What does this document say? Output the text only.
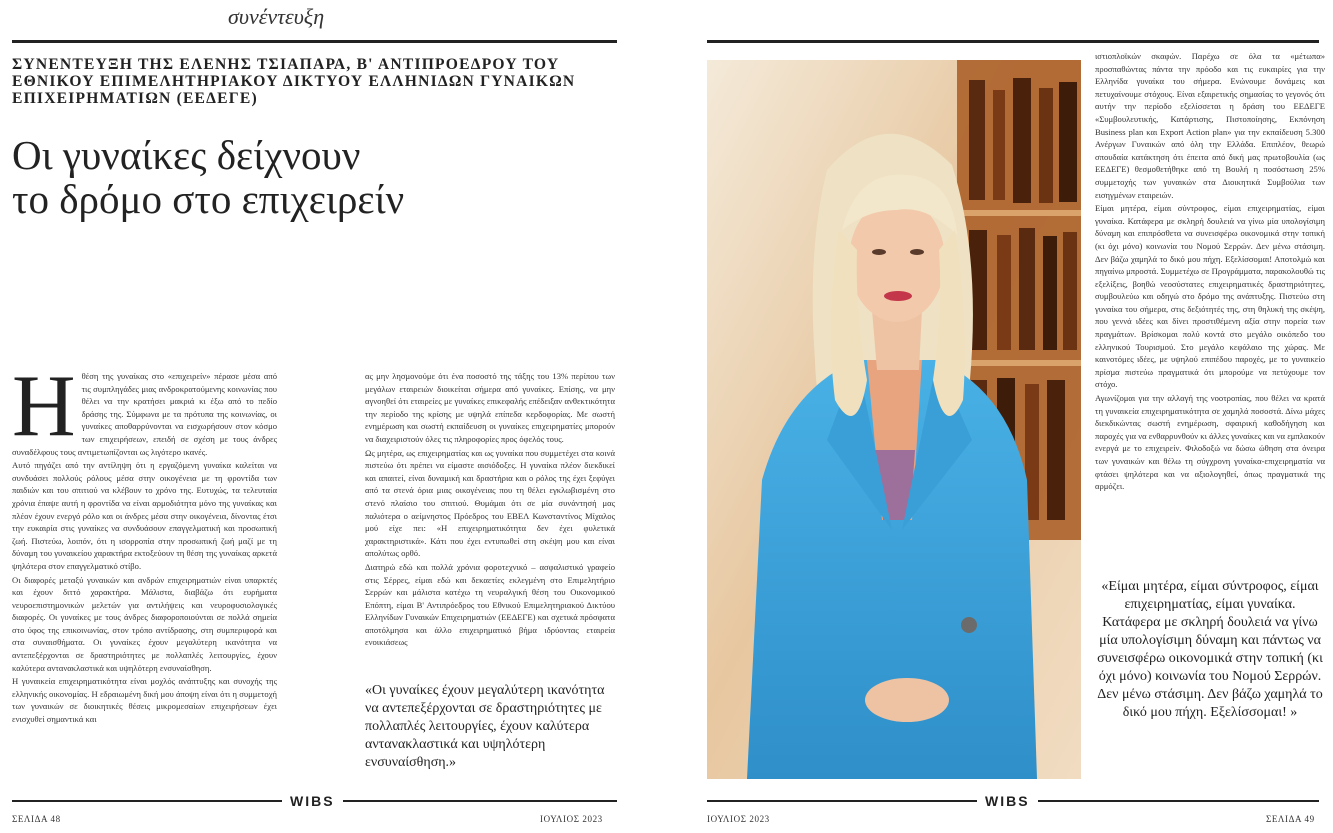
συνέντευξη
ΣΥΝΕΝΤΕΥΞΗ ΤΗΣ ΕΛΕΝΗΣ ΤΣΙΑΠΑΡΑ, Β' ΑΝΤΙΠΡΟΕΔΡΟΥ ΤΟΥ ΕΘΝΙΚΟΥ ΕΠΙΜΕΛΗΤΗΡΙΑΚΟΥ ΔΙΚΤΥΟΥ ΕΛΛΗΝΙΔΩΝ ΓΥΝΑΙΚΩΝ ΕΠΙΧΕΙΡΗΜΑΤΙΩΝ (ΕΕΔΕΓΕ)
Οι γυναίκες δείχνουν
το δρόμο στο επιχειρείν

Ηθέση της γυναίκας στο «επιχειρείν» πέρασε μέσα από τις συμπληγάδες μιας ανδροκρατούμενης κοινωνίας που θέλει να την κρατήσει μακριά κι έξω από το πεδίο δράσης της. Σύμφωνα με τα πρότυπα της κοινωνίας, οι γυναίκες αποθαρρύνονται να εισχωρήσουν στον κόσμο των επιχειρήσεων, επειδή σε σχέση με τους άνδρες συναδέλφους τους αντιμετωπίζονται ως λιγότερο ικανές.

Αυτό πηγάζει από την αντίληψη ότι η εργαζόμενη γυναίκα καλείται να συνδυάσει πολλούς ρόλους μέσα στην οικογένεια με τη φροντίδα των παιδιών και του σπιτιού να κλέβουν το χρόνο της. Ευτυχώς, τα τελευταία χρόνια έπαψε αυτή η φροντίδα να είναι αρμοδιότητα μόνο της γυναίκας και πλέον έχουν ενεργό ρόλο και οι άνδρες μέσα στην οικογένεια, δίνοντας έτσι την ευκαιρία στις γυναίκες να συνδυάσουν επαγγελματική και προσωπική ζωή. Πιστεύω, λοιπόν, ότι η ισορροπία στην προσωπική ζωή μαζί με τη δύναμη του γυναικείου χαρακτήρα εκτοξεύουν τη θέση της γυναίκας αρκετά ψηλότερα στον επαγγελματικό στίβο.

Οι διαφορές μεταξύ γυναικών και ανδρών επιχειρηματιών είναι υπαρκτές και έχουν διττό χαρακτήρα. Μάλιστα, διαβάζω ότι ευρήματα νευροεπιστημονικών μελετών για αντιλήψεις και νευροφυσιολογικές διαφορές. Οι γυναίκες με τους άνδρες διαφοροποιούνται σε πολλά σημεία στο ύφος της επικοινωνίας, στον τρόπο αντίδρασης, στη συμπεριφορά και στα συναισθήματα. Οι γυναίκες έχουν μεγαλύτερη ικανότητα να αντεπεξέρχονται σε δραστηριότητες με πολλαπλές λειτουργίες, έχουν καλύτερα αντανακλαστικά και υψηλότερη ενσυναίσθηση.

Η γυναικεία επιχειρηματικότητα είναι μοχλός ανάπτυξης και συνοχής της ελληνικής οικονομίας. Η εδραιωμένη δική μου άποψη είναι ότι η συμμετοχή των γυναικών σε διοικητικές θέσεις μικρομεσαίων επιχειρήσεων έχει ενισχυθεί σημαντικά και

ας μην λησμονούμε ότι ένα ποσοστό της τάξης του 13% περίπου των μεγάλων εταιρειών διοικείται σήμερα από γυναίκες. Επίσης, να μην αγνοηθεί ότι εταιρείες με γυναίκες επικεφαλής επέδειξαν ανθεκτικότητα την περίοδο της κρίσης με υψηλά επίπεδα κερδοφορίας. Με σωστή ενημέρωση και σωστή εκπαίδευση οι γυναίκες επιχειρηματίες μπορούν να διαχειριστούν όλες τις πληροφορίες προς όφελός τους.

Ως μητέρα, ως επιχειρηματίας και ως γυναίκα που συμμετέχει στα κοινά πιστεύω ότι πρέπει να είμαστε αισιόδοξες. Η γυναίκα πλέον διεκδικεί και απαιτεί, είναι δυναμική και δραστήρια και ο ρόλος της έχει ξεφύγει από τα στενά όρια μιας οικογένειας που τη θέλει εγκλωβισμένη στο στενό πλαίσιο του σπιτιού. Θυμάμαι ότι σε μία συνάντησή μας παλιότερα ο αείμνηστος Πρόεδρος του ΕΒΕΛ Κωνσταντίνος Μίχαλος μού είχε πει: «Η επιχειρηματικότητα δεν έχει φυλετικά χαρακτηριστικά». Κάτι που έχει εντυπωθεί στη σκέψη μου και είναι απολύτως ορθό.

Διατηρώ εδώ και πολλά χρόνια φοροτεχνικό – ασφαλιστικό γραφείο στις Σέρρες, είμαι εδώ και δεκαετίες εκλεγμένη στο Επιμελητήριο Σερρών και μάλιστα κατέχω τη νευραλγική θέση του Οικονομικού Επόπτη, είμαι Β' Αντιπρόεδρος του Εθνικού Επιμελητηριακού Δικτύου Ελληνίδων Γυναικών Επιχειρηματιών (ΕΕΔΕΓΕ) και σχετικά πρόσφατα αποτόλμησα και άλλο επιχειρηματικό βήμα ιδρύοντας εταιρεία ενοικιάσεως

«Οι γυναίκες έχουν μεγαλύτερη ικανότητα να αντεπεξέρχονται σε δραστηριότητες με πολλαπλές λειτουργίες, έχουν καλύτερα αντανακλαστικά και υψηλότερη ενσυναίσθηση.»
WIBS
ΣΕΛΙΔΑ 48	ΙΟΥΛΙΟΣ 2023

ιστιοπλοϊκών σκαφών. Παρέχω σε όλα τα «μέτωπα» προσπαθώντας πάντα την πρόοδο και τις ευκαιρίες για την Ελληνίδα γυναίκα του σήμερα. Ενώνουμε δυνάμεις και πετυχαίνουμε στόχους. Είναι εξαιρετικής σημασίας το γεγονός ότι αυτήν την περίοδο εξελίσσεται η δράση του ΕΕΔΕΓΕ «Συμβουλευτικής, Κατάρτισης, Πιστοποίησης, Εκπόνηση Business plan και Export Action plan» για την εκπαίδευση 5.300 Ανέργων Γυναικών από όλη την Ελλάδα. Επιπλέον, θεωρώ σπουδαία κατάκτηση ότι έπειτα από δική μας πρωτοβουλία (ως ΕΕΔΕΓΕ) θεσμοθετήθηκε από τη Βουλή η ποσόστωση 25% συμμετοχής των γυναικών στα Διοικητικά Συμβούλια των εισηγμένων εταιρειών.

Είμαι μητέρα, είμαι σύντροφος, είμαι επιχειρηματίας, είμαι γυναίκα. Κατάφερα με σκληρή δουλειά να γίνω μία υπολογίσιμη δύναμη και επιπρόσθετα να συνεισφέρω οικονομικά στην τοπική (κι όχι μόνο) κοινωνία του Νομού Σερρών. Δεν μένω στάσιμη. Δεν βάζω χαμηλά το δικό μου πήχη. Εξελίσσομαι! Αποτολμώ και πηγαίνω μπροστά. Συμμετέχω σε Προγράμματα, παρακολουθώ τις εξελίξεις, βοηθώ νεοσύστατες επιχειρηματικές δραστηριότητες, συμβουλεύω και οδηγώ στο δρόμο της ανάπτυξης. Πιστεύω στη γυναίκα του σήμερα, στις δεξιότητές της, στη θηλυκή της σκέψη, που γεννά ιδέες και δίνει προστιθέμενη αξία στην πορεία των πραγμάτων. Βρίσκομαι πολύ κοντά στο μεγάλο οικόπεδο του ελληνικού Τουρισμού. Στο μεγάλο κεφάλαιο της χώρας. Με καινοτόμες ιδέες, με υψηλού επιπέδου παροχές, με το γυναικείο πρίσμα πιστεύω πραγματικά ότι μπορούμε να πετύχουμε τον στόχο.

Αγωνίζομαι για την αλλαγή της νοοτροπίας, που θέλει να κρατά τη γυναικεία επιχειρηματικότητα σε χαμηλά ποσοστά. Δίνω μάχες διεκδικώντας σωστή ενημέρωση, σφαιρική καθοδήγηση και παροχές για να ενθαρρυνθούν κι άλλες γυναίκες και να εμπλακούν ενεργά με το επιχειρείν. Φιλοδοξώ να δώσω ώθηση στα όνειρα των γυναικών και θέλω τη σύγχρονη γυναίκα-επιχειρηματία να φτάσει ψηλότερα και να αξιολογηθεί, όπως πραγματικά της αρμόζει.

«Είμαι μητέρα, είμαι σύντροφος, είμαι επιχειρηματίας, είμαι γυναίκα. Κατάφερα με σκληρή δουλειά να γίνω μία υπολογίσιμη δύναμη και πάντως να συνεισφέρω οικονομικά στην τοπική (κι όχι μόνο) κοινωνία του Νομού Σερρών. Δεν μένω στάσιμη. Δεν βάζω χαμηλά το δικό μου πήχη. Εξελίσσομαι! »
WIBS
ΙΟΥΛΙΟΣ 2023	ΣΕΛΙΔΑ 49
